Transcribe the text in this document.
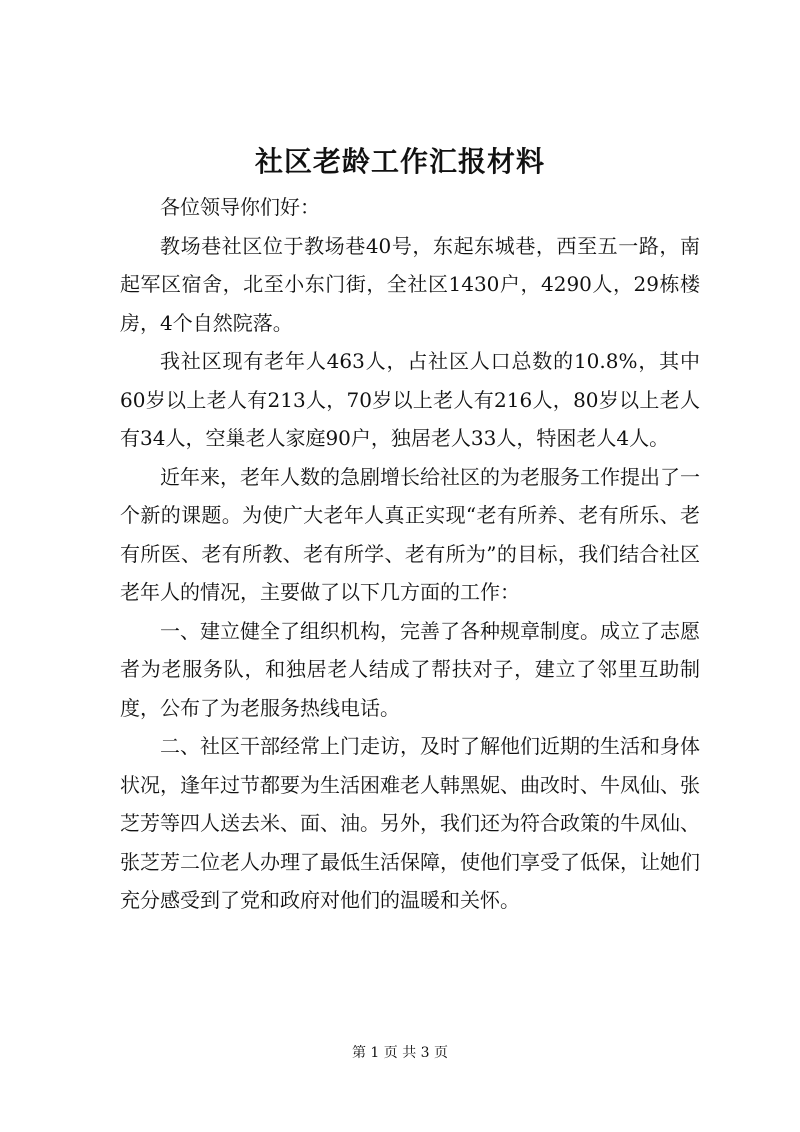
社区老龄工作汇报材料

各位领导你们好：

教场巷社区位于教场巷40号，东起东城巷，西至五一路，南起军区宿舍，北至小东门街，全社区1430户，4290人，29栋楼房，4个自然院落。

我社区现有老年人463人，占社区人口总数的10.8%，其中60岁以上老人有213人，70岁以上老人有216人，80岁以上老人有34人，空巢老人家庭90户，独居老人33人，特困老人4人。

近年来，老年人数的急剧增长给社区的为老服务工作提出了一个新的课题。为使广大老年人真正实现“老有所养、老有所乐、老有所医、老有所教、老有所学、老有所为”的目标，我们结合社区老年人的情况，主要做了以下几方面的工作：

一、建立健全了组织机构，完善了各种规章制度。成立了志愿者为老服务队，和独居老人结成了帮扶对子，建立了邻里互助制度，公布了为老服务热线电话。

二、社区干部经常上门走访，及时了解他们近期的生活和身体状况，逢年过节都要为生活困难老人韩黑妮、曲改时、牛凤仙、张芝芳等四人送去米、面、油。另外，我们还为符合政策的牛凤仙、张芝芳二位老人办理了最低生活保障，使他们享受了低保，让她们充分感受到了党和政府对他们的温暖和关怀。

第 1 页 共 3 页
